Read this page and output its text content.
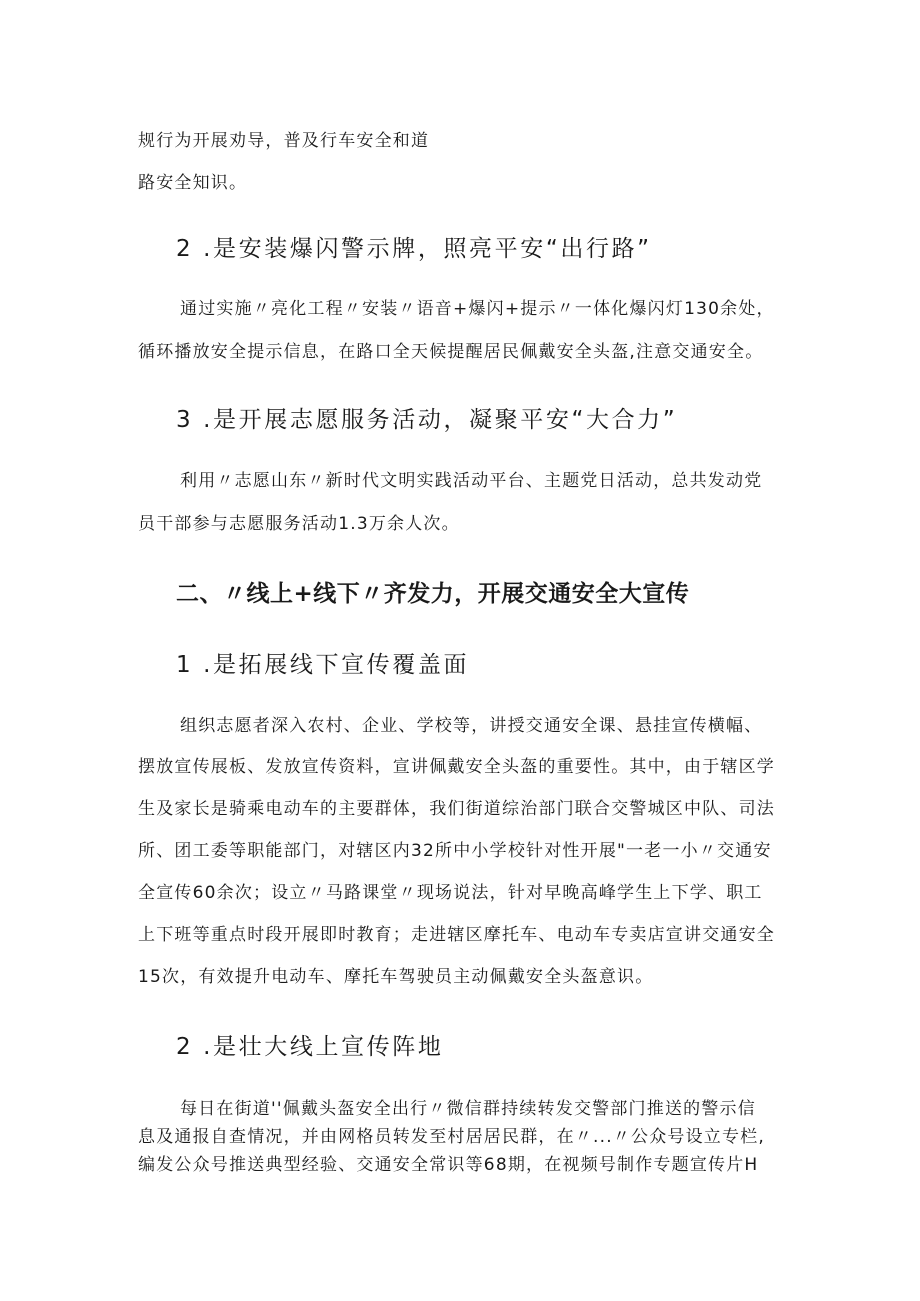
规行为开展劝导，普及行车安全和道

路安全知识。

2 .是安装爆闪警示牌，照亮平安“出行路”

通过实施〃亮化工程〃安装〃语音+爆闪+提示〃一体化爆闪灯130余处，

循环播放安全提示信息，在路口全天候提醒居民佩戴安全头盔,注意交通安全。

3 .是开展志愿服务活动，凝聚平安“大合力”

利用〃志愿山东〃新时代文明实践活动平台、主题党日活动，总共发动党

员干部参与志愿服务活动1.3万余人次。

二、〃线上+线下〃齐发力，开展交通安全大宣传
1 .是拓展线下宣传覆盖面

组织志愿者深入农村、企业、学校等，讲授交通安全课、悬挂宣传横幅、

摆放宣传展板、发放宣传资料，宣讲佩戴安全头盔的重要性。其中，由于辖区学

生及家长是骑乘电动车的主要群体，我们街道综治部门联合交警城区中队、司法

所、团工委等职能部门，对辖区内32所中小学校针对性开展"一老一小〃交通安

全宣传60余次；设立〃马路课堂〃现场说法，针对早晚高峰学生上下学、职工

上下班等重点时段开展即时教育；走进辖区摩托车、电动车专卖店宣讲交通安全

15次，有效提升电动车、摩托车驾驶员主动佩戴安全头盔意识。

2 .是壮大线上宣传阵地

每日在街道''佩戴头盔安全出行〃微信群持续转发交警部门推送的警示信

息及通报自查情况，并由网格员转发至村居居民群，在〃...〃公众号设立专栏,

编发公众号推送典型经验、交通安全常识等68期，在视频号制作专题宣传片H
